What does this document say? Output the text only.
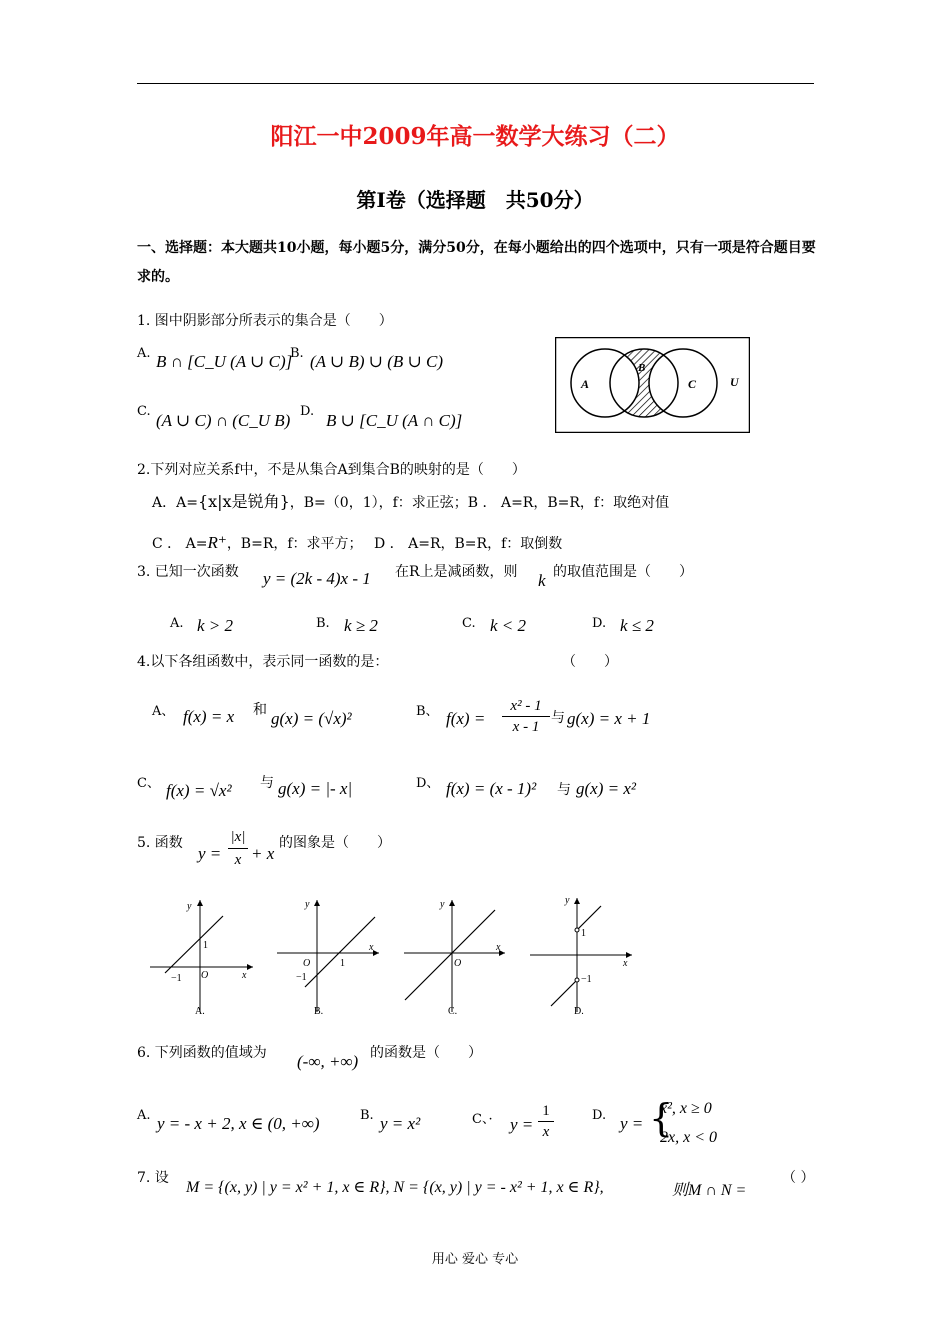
阳江一中2009年高一数学大练习（二）
第Ⅰ卷（选择题　共50分）
一、选择题：本大题共10小题，每小题5分，满分50分，在每小题给出的四个选项中，只有一项是符合题目要求的。
1. 图中阴影部分所表示的集合是（　　）
A. B ∩ [C_U (A ∪ C)]
B. (A ∪ B) ∪ (B ∪ C)
C. (A ∪ C) ∩ (C_U B) D. B ∪ [C_U (A ∩ C)]
A
B
C	U
2.下列对应关系f中，不是从集合A到集合B的映射的是（　　）
A．A={x|x是锐角}，B=（0，1），f：求正弦；B ． A=R，B=R，f：取绝对值
C ． A=R⁺，B=R，f：求平方；　 D ． A=R，B=R，f：取倒数
3. 已知一次函数 y = (2k - 4)x - 1 在R上是减函数，则 k 的取值范围是（　　）
A. k > 2	B. k ≥ 2	C. k < 2	D. k ≤ 2
4.以下各组函数中，表示同一函数的是：	（　　）
A、 f(x) = x 和 g(x) = (√x)²	B、 $f(x) = \frac{\text{x² - 1}}{x - 1}$ 与 g(x) = x + 1
C、 f(x) = √x² 与 g(x) = |- x|	D、 f(x) = (x - 1)² 与 g(x) = x²
5. 函数
y =
|x|
x + x
的图象是（　　）
y
x
O
1
−1
A.
y
x
O	1
−1
B.
y
x
O
C.
y
x
1
−1
D.
6. 下列函数的值域为 (-∞, +∞) 的函数是（　　）
A. y = - x + 2, x ∈ (0, +∞)	B. y = x²	C、· y =
1
x
D. y = {
x², x ≥ 0
2x, x < 0
7. 设
M = {(x, y) | y = x² + 1, x ∈ R}, N = {(x, y) | y = - x² + 1, x ∈ R},	则M ∩ N =
（ ）
用心 爱心 专心
